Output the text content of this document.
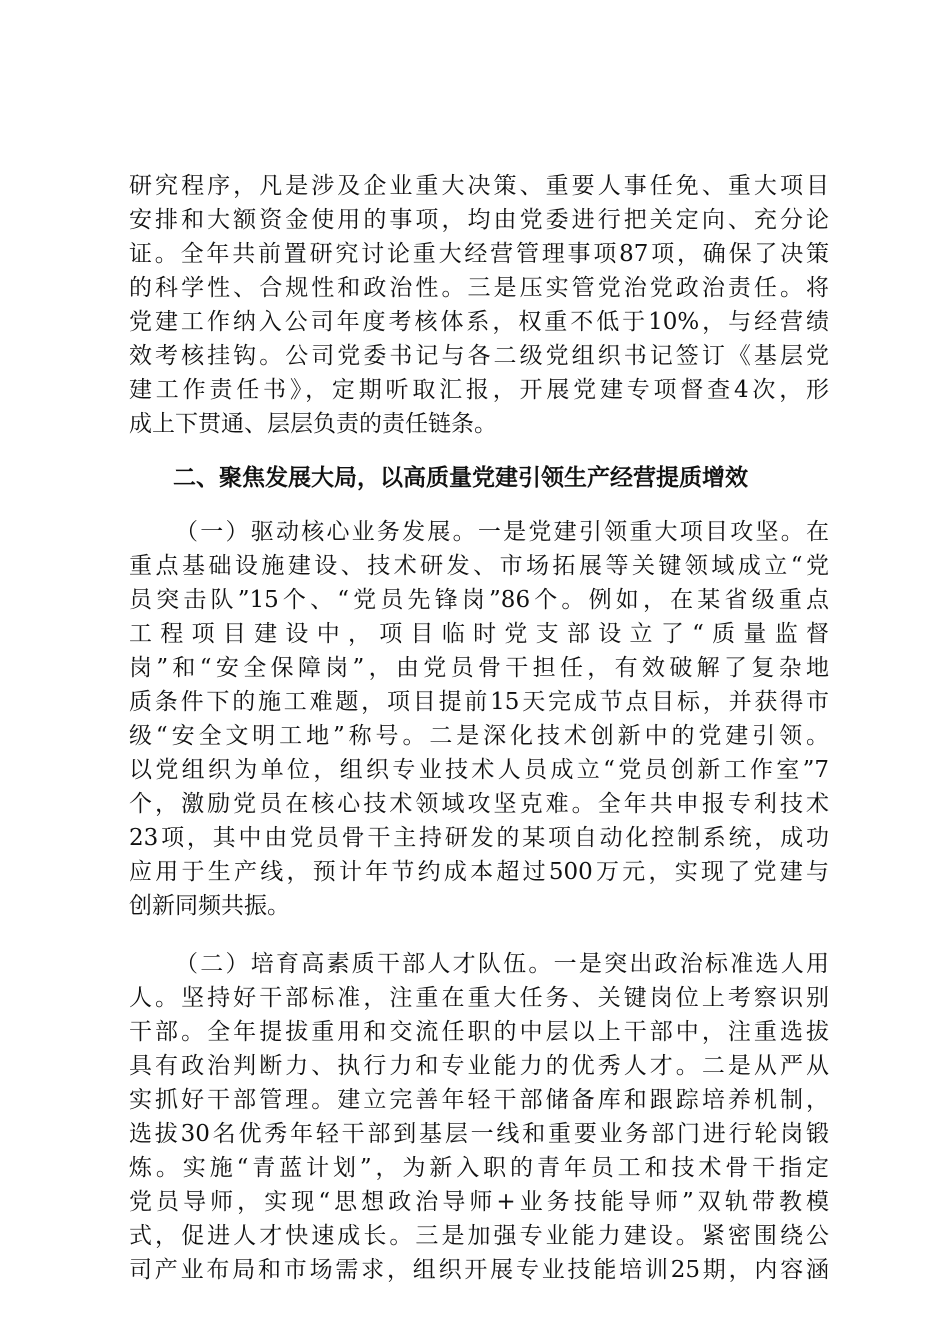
研究程序，凡是涉及企业重大决策、重要人事任免、重大项目
安排和大额资金使用的事项，均由党委进行把关定向、充分论
证。全年共前置研究讨论重大经营管理事项87项，确保了决策
的科学性、合规性和政治性。三是压实管党治党政治责任。将
党建工作纳入公司年度考核体系，权重不低于10%，与经营绩
效考核挂钩。公司党委书记与各二级党组织书记签订《基层党
建工作责任书》，定期听取汇报，开展党建专项督查4次，形
成上下贯通、层层负责的责任链条。
二、聚焦发展大局，以高质量党建引领生产经营提质增效
（一）驱动核心业务发展。一是党建引领重大项目攻坚。在
重点基础设施建设、技术研发、市场拓展等关键领域成立“党
员突击队”15个、“党员先锋岗”86个。例如，在某省级重点
工程项目建设中，项目临时党支部设立了“质量监督
岗”和“安全保障岗”，由党员骨干担任，有效破解了复杂地
质条件下的施工难题，项目提前15天完成节点目标，并获得市
级“安全文明工地”称号。二是深化技术创新中的党建引领。
以党组织为单位，组织专业技术人员成立“党员创新工作室”7
个，激励党员在核心技术领域攻坚克难。全年共申报专利技术
23项，其中由党员骨干主持研发的某项自动化控制系统，成功
应用于生产线，预计年节约成本超过500万元，实现了党建与
创新同频共振。
（二）培育高素质干部人才队伍。一是突出政治标准选人用
人。坚持好干部标准，注重在重大任务、关键岗位上考察识别
干部。全年提拔重用和交流任职的中层以上干部中，注重选拔
具有政治判断力、执行力和专业能力的优秀人才。二是从严从
实抓好干部管理。建立完善年轻干部储备库和跟踪培养机制，
选拔30名优秀年轻干部到基层一线和重要业务部门进行轮岗锻
炼。实施“青蓝计划”，为新入职的青年员工和技术骨干指定
党员导师，实现“思想政治导师+业务技能导师”双轨带教模
式，促进人才快速成长。三是加强专业能力建设。紧密围绕公
司产业布局和市场需求，组织开展专业技能培训25期，内容涵
